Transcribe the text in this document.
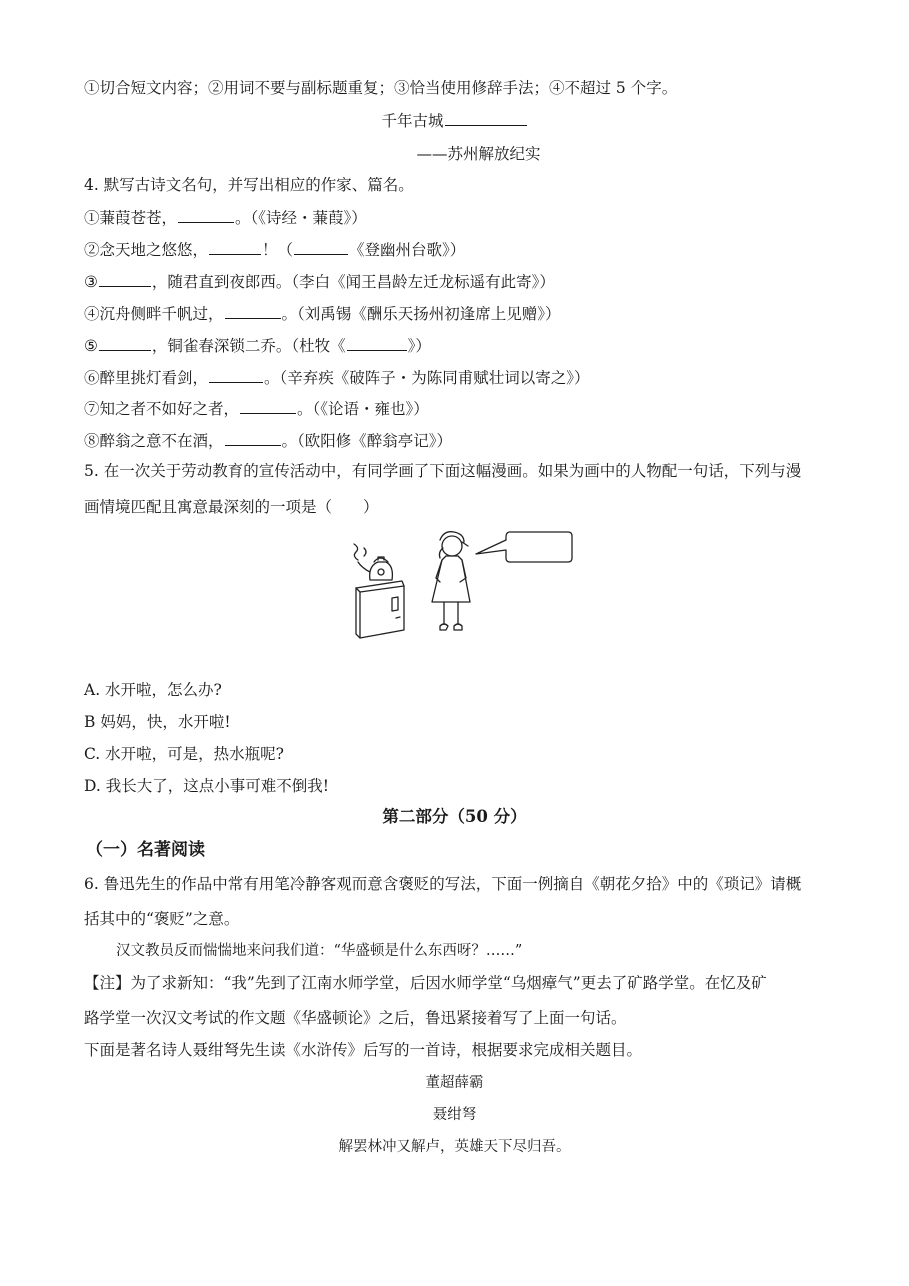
①切合短文内容；②用词不要与副标题重复；③恰当使用修辞手法；④不超过 5 个字。
千年古城
——苏州解放纪实
4. 默写古诗文名句，并写出相应的作家、篇名。
①蒹葭苍苍，	。（《诗经・蒹葭》）
②念天地之悠悠，	！（	《登幽州台歌》）
③	，随君直到夜郎西。（李白《闻王昌龄左迁龙标遥有此寄》）
④沉舟侧畔千帆过，	。（刘禹锡《酬乐天扬州初逢席上见赠》）
⑤	，铜雀春深锁二乔。（杜牧《	》）
⑥醉里挑灯看剑，	。（辛弃疾《破阵子・为陈同甫赋壮词以寄之》）
⑦知之者不如好之者，	。（《论语・雍也》）
⑧醉翁之意不在酒，	。（欧阳修《醉翁亭记》）
5. 在一次关于劳动教育的宣传活动中，有同学画了下面这幅漫画。如果为画中的人物配一句话，下列与漫
画情境匹配且寓意最深刻的一项是（　　）
A. 水开啦，怎么办?
B 妈妈，快，水开啦!
C. 水开啦，可是，热水瓶呢?
D. 我长大了，这点小事可难不倒我!
第二部分（50 分）
（一）名著阅读
6. 鲁迅先生的作品中常有用笔冷静客观而意含褒贬的写法，下面一例摘自《朝花夕拾》中的《琐记》请概
括其中的“褒贬”之意。
汉文教员反而惴惴地来问我们道：“华盛顿是什么东西呀？……”
【注】为了求新知：“我”先到了江南水师学堂，后因水师学堂“乌烟瘴气”更去了矿路学堂。在忆及矿
路学堂一次汉文考试的作文题《华盛顿论》之后，鲁迅紧接着写了上面一句话。
下面是著名诗人聂绀弩先生读《水浒传》后写的一首诗，根据要求完成相关题目。
董超薛霸
聂绀弩
解罢林冲又解卢，英雄天下尽归吾。
